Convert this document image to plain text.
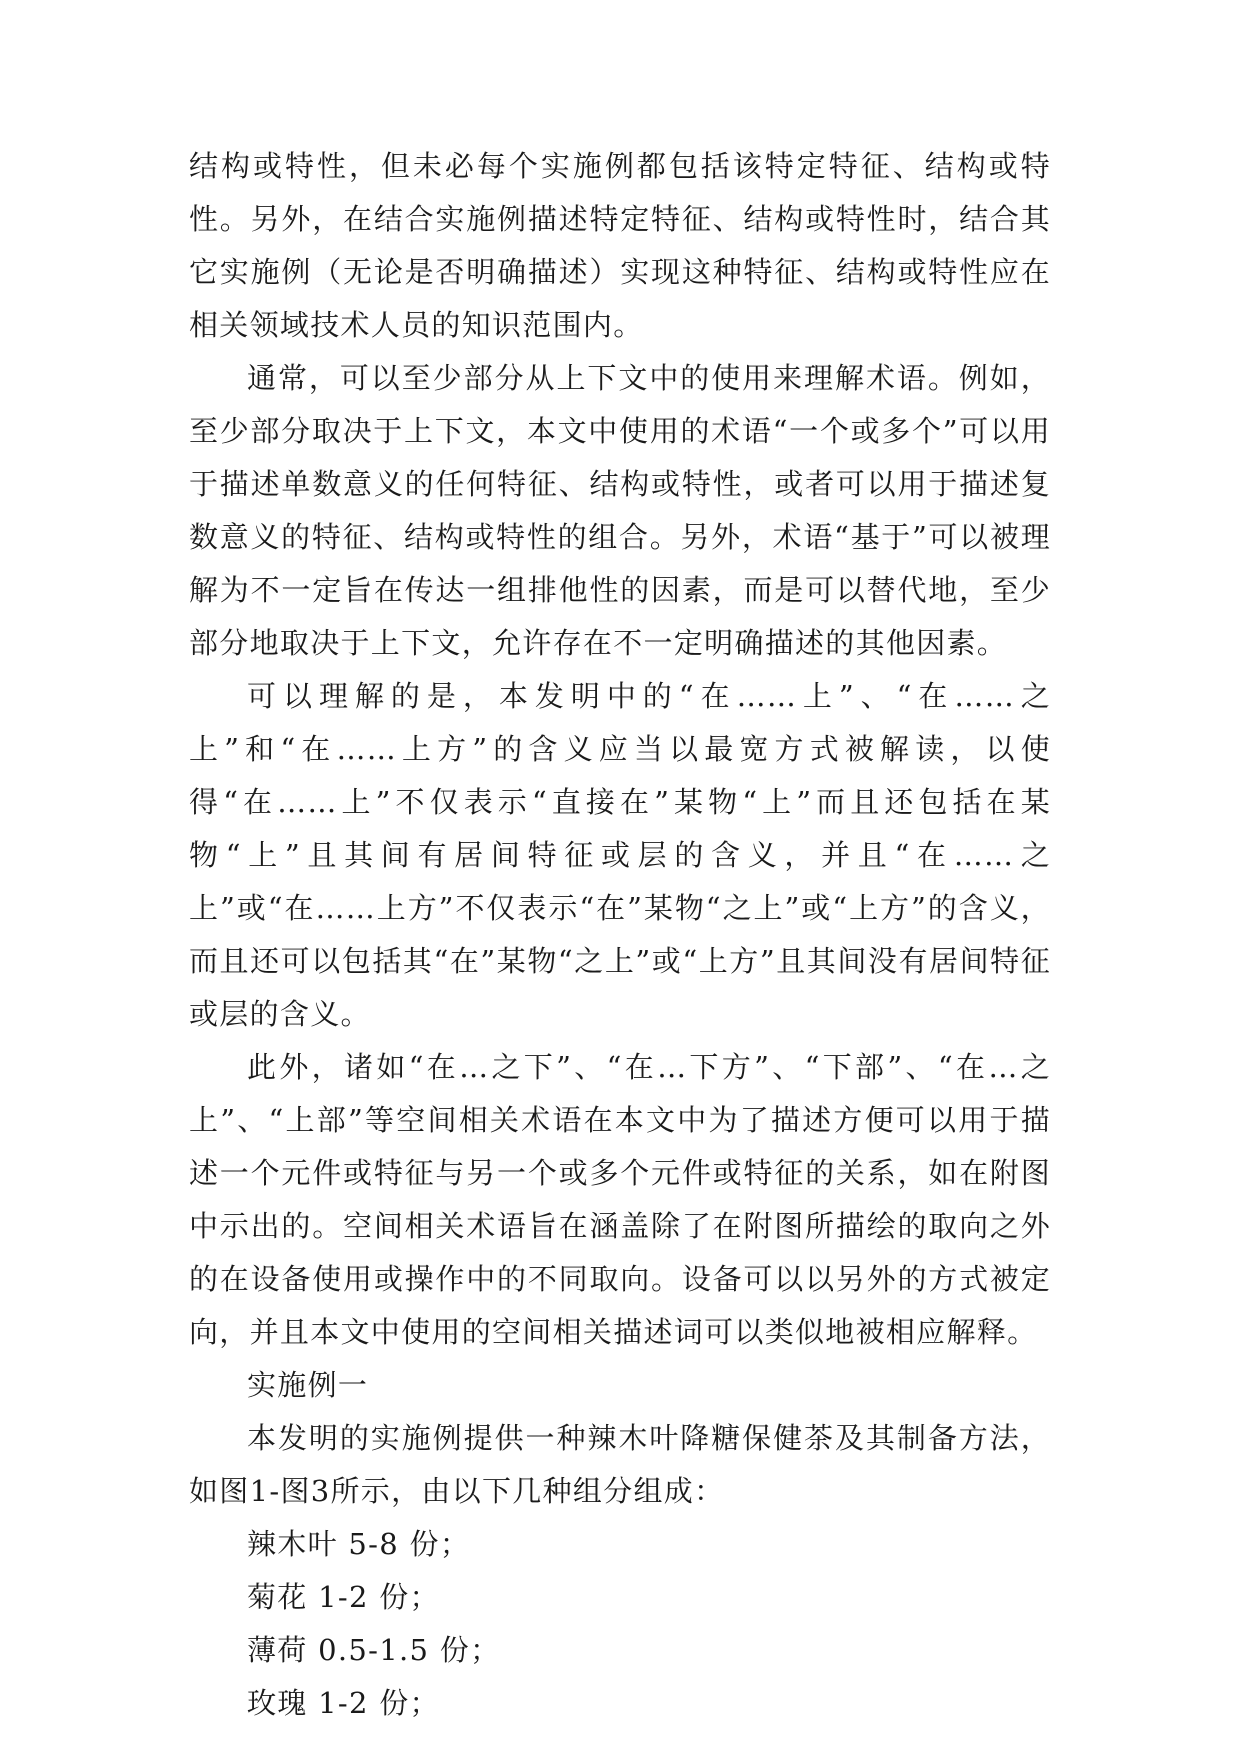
结构或特性，但未必每个实施例都包括该特定特征、结构或特性。另外，在结合实施例描述特定特征、结构或特性时，结合其它实施例（无论是否明确描述）实现这种特征、结构或特性应在相关领域技术人员的知识范围内。

通常，可以至少部分从上下文中的使用来理解术语。例如，至少部分取决于上下文，本文中使用的术语“一个或多个”可以用于描述单数意义的任何特征、结构或特性，或者可以用于描述复数意义的特征、结构或特性的组合。另外，术语“基于”可以被理解为不一定旨在传达一组排他性的因素，而是可以替代地，至少部分地取决于上下文，允许存在不一定明确描述的其他因素。

可以理解的是，本发明中的“在……上”、“在……之上”和“在……上方”的含义应当以最宽方式被解读，以使得“在……上”不仅表示“直接在”某物“上”而且还包括在某物“上”且其间有居间特征或层的含义，并且“在……之上”或“在……上方”不仅表示“在”某物“之上”或“上方”的含义，而且还可以包括其“在”某物“之上”或“上方”且其间没有居间特征或层的含义。

此外，诸如“在…之下”、“在…下方”、“下部”、“在…之上”、“上部”等空间相关术语在本文中为了描述方便可以用于描述一个元件或特征与另一个或多个元件或特征的关系，如在附图中示出的。空间相关术语旨在涵盖除了在附图所描绘的取向之外的在设备使用或操作中的不同取向。设备可以以另外的方式被定向，并且本文中使用的空间相关描述词可以类似地被相应解释。

实施例一

本发明的实施例提供一种辣木叶降糖保健茶及其制备方法，如图1-图3所示，由以下几种组分组成：

辣木叶 5-8 份；

菊花 1-2 份；

薄荷 0.5-1.5 份；

玫瑰 1-2 份；
